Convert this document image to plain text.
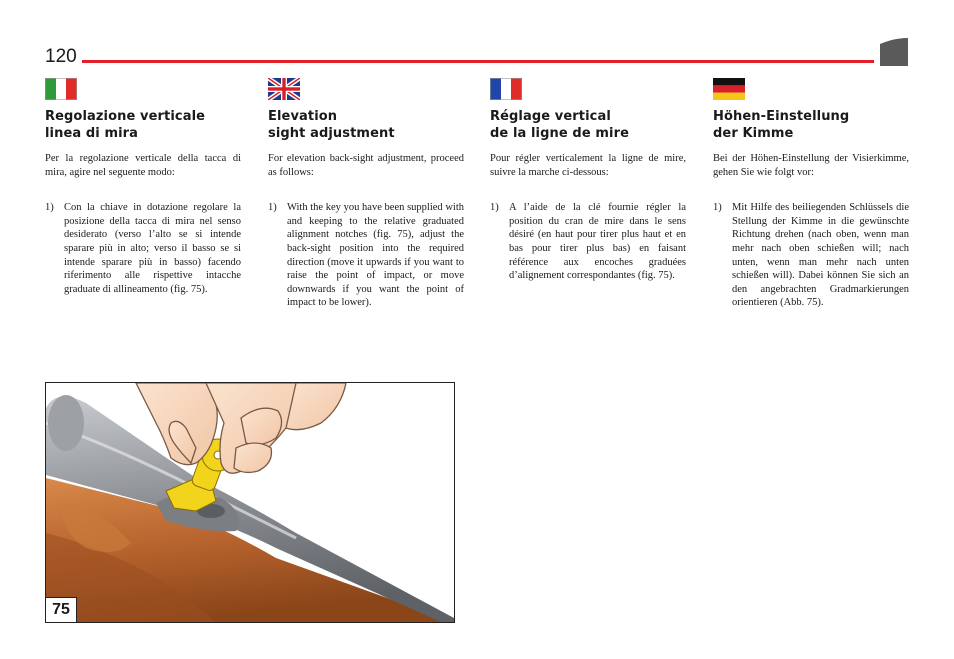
120
Regolazione verticale
linea di mira

Per la regolazione verticale della tacca di mira, agire nel seguente modo:

1) Con la chiave in dotazione regolare la posizione della tacca di mira nel senso desiderato (verso l’alto se si intende sparare più in alto; verso il basso se si intende sparare più in basso) facendo riferimento alle rispettive intacche graduate di allineamento (fig. 75).
Elevation
sight adjustment

For elevation back-sight adjustment, proceed as follows:

1) With the key you have been supplied with and keeping to the relative graduated alignment notches (fig. 75), adjust the back-sight position into the required direction (move it upwards if you want to raise the point of impact, or move downwards if you want the point of impact to be lower).
Réglage vertical
de la ligne de mire

Pour régler verticalement la ligne de mire, suivre la marche ci-dessous:

1) A l’aide de la clé fournie régler la position du cran de mire dans le sens désiré (en haut pour tirer plus haut et en bas pour tirer plus bas) en faisant référence aux encoches graduées d’alignement correspondantes (fig. 75).
Höhen-Einstellung
der Kimme

Bei der Höhen-Einstellung der Visierkimme, gehen Sie wie folgt vor:

1) Mit Hilfe des beiliegenden Schlüssels die Stellung der Kimme in die gewünschte Richtung drehen (nach oben, wenn man mehr nach oben schießen will; nach unten, wenn man mehr nach unten schießen will). Dabei können Sie sich an den angebrachten Gradmarkierungen orientieren (Abb. 75).
75
